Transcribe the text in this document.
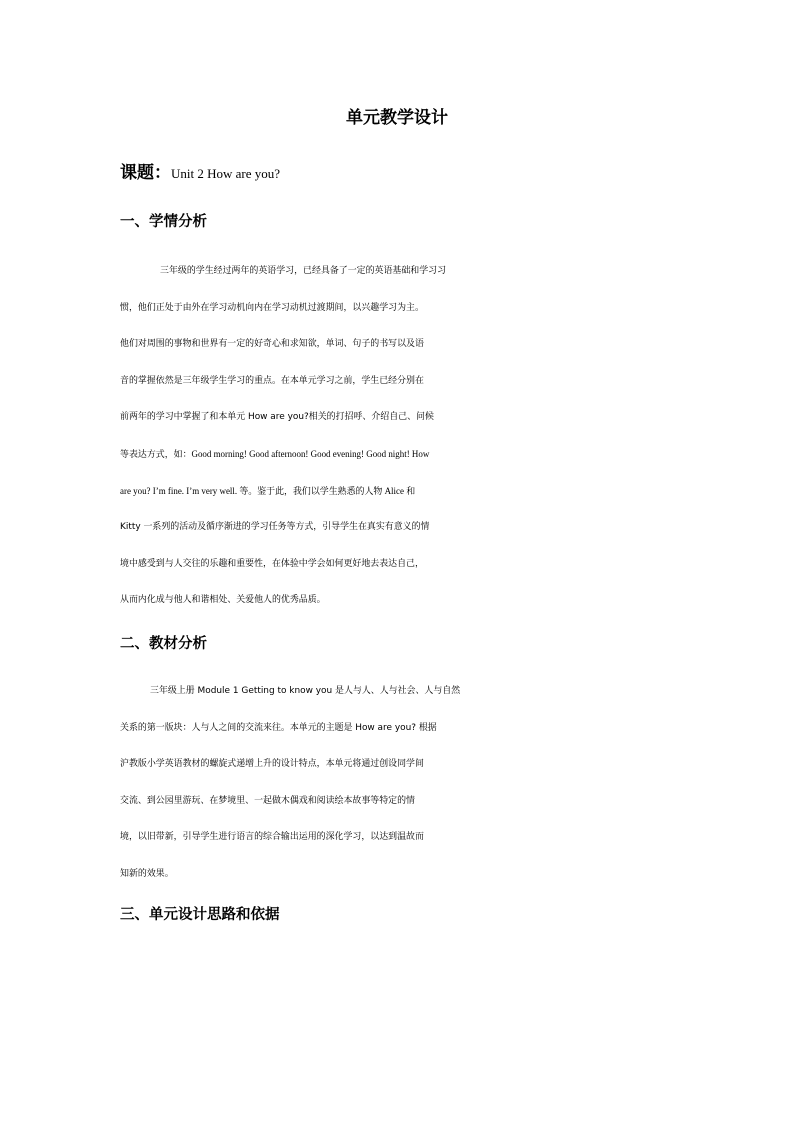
单元教学设计
课题：Unit 2 How are you?
一、学情分析
三年级的学生经过两年的英语学习，已经具备了一定的英语基础和学习习
惯，他们正处于由外在学习动机向内在学习动机过渡期间，以兴趣学习为主。
他们对周围的事物和世界有一定的好奇心和求知欲，单词、句子的书写以及语
音的掌握依然是三年级学生学习的重点。在本单元学习之前，学生已经分别在
前两年的学习中掌握了和本单元 How are you?相关的打招呼、介绍自己、问候
等表达方式，如：Good morning! Good afternoon! Good evening! Good night! How
are you? I’m fine. I’m very well. 等。鉴于此，我们以学生熟悉的人物 Alice 和
Kitty 一系列的活动及循序渐进的学习任务等方式，引导学生在真实有意义的情
境中感受到与人交往的乐趣和重要性，在体验中学会如何更好地去表达自己，
从而内化成与他人和谐相处、关爱他人的优秀品质。
二、教材分析
三年级上册 Module 1 Getting to know you 是人与人、人与社会、人与自然
关系的第一版块：人与人之间的交流来往。本单元的主题是 How are you? 根据
沪教版小学英语教材的螺旋式递增上升的设计特点，本单元将通过创设同学间
交流、到公园里游玩、在梦境里、一起做木偶戏和阅读绘本故事等特定的情
境，以旧带新，引导学生进行语言的综合输出运用的深化学习，以达到温故而
知新的效果。
三、单元设计思路和依据
